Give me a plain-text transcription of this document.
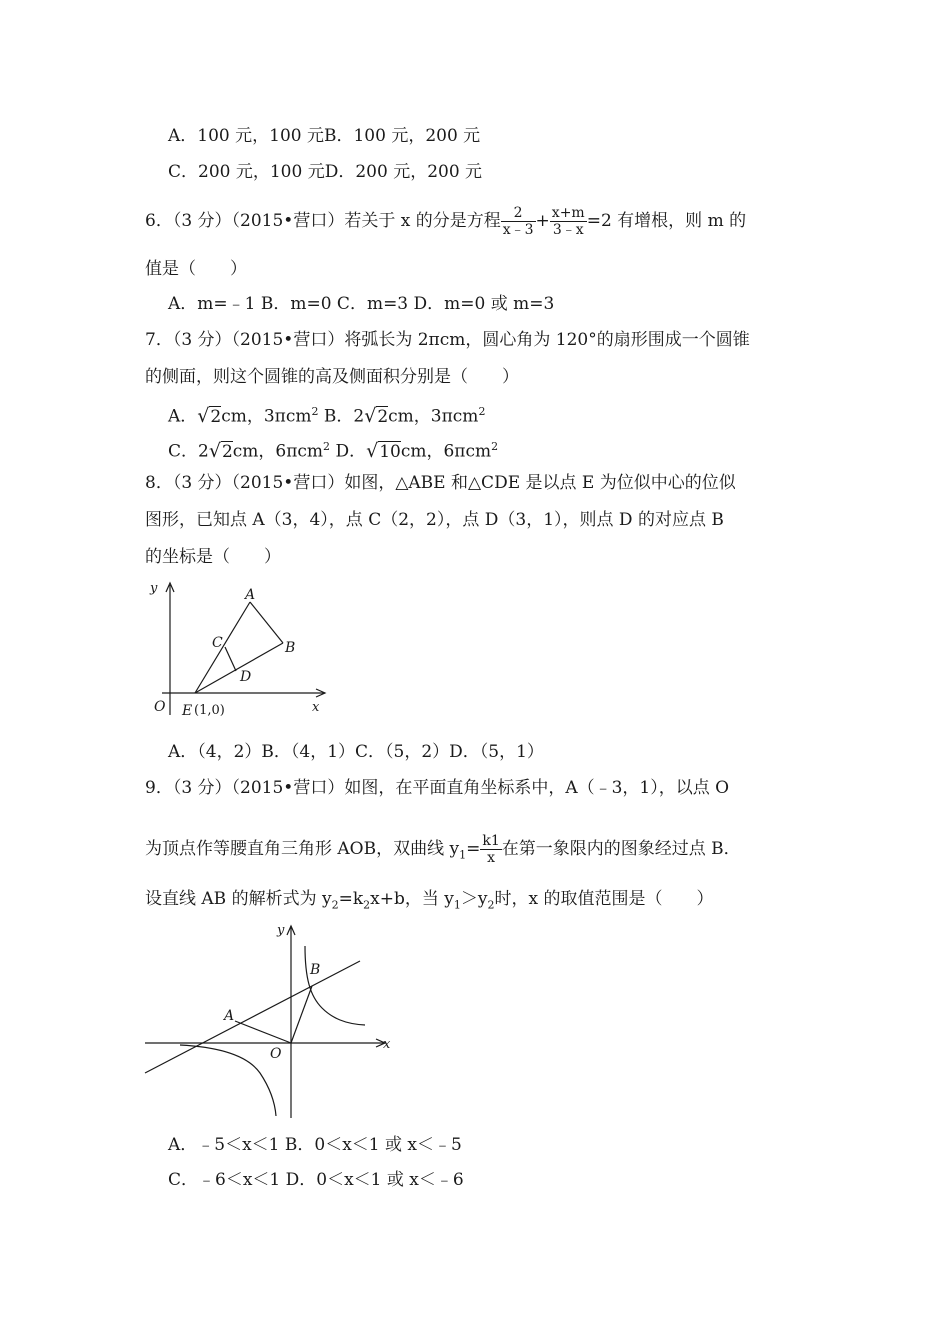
A．100 元，100 元B．100 元，200 元
C．200 元，100 元D．200 元，200 元
6．（3 分）（2015•营口）若关于 x 的分是方程 $\frac{2}{x﹣3} + \frac{x+m}{3﹣x} =2$ 有增根，则 m 的
值是（　　）
A．m=﹣1 B．m=0 C．m=3 D．m=0 或 m=3
7．（3 分）（2015•营口）将弧长为 2πcm，圆心角为 120°的扇形围成一个圆锥
的侧面，则这个圆锥的高及侧面积分别是（　　）
A．√2cm，3πcm$^2$ B．2√2cm，3πcm$^2$
C．2√2cm，6πcm$^2$ D．√10cm，6πcm$^2$
8．（3 分）（2015•营口）如图，△ABE 和△CDE 是以点 E 为位似中心的位似
图形，已知点 A（3，4），点 C（2，2），点 D（3，1），则点 D 的对应点 B
的坐标是（　　）
y
x
O
A
B
C
D
E (1,0)
A．（4，2）B．（4，1）C．（5，2）D．（5，1）
9．（3 分）（2015•营口）如图，在平面直角坐标系中，A（﹣3，1），以点 O
为顶点作等腰直角三角形 AOB，双曲线 $y_1= \frac{k1}{x}$ 在第一象限内的图象经过点 B．
设直线 AB 的解析式为 $y_2=k_2x+b$，当 $y_1>y_2$时，x 的取值范围是（　　）
y
x
O
A
B
A．﹣5＜x＜1 B．0＜x＜1 或 x＜﹣5
C．﹣6＜x＜1 D．0＜x＜1 或 x＜﹣6
